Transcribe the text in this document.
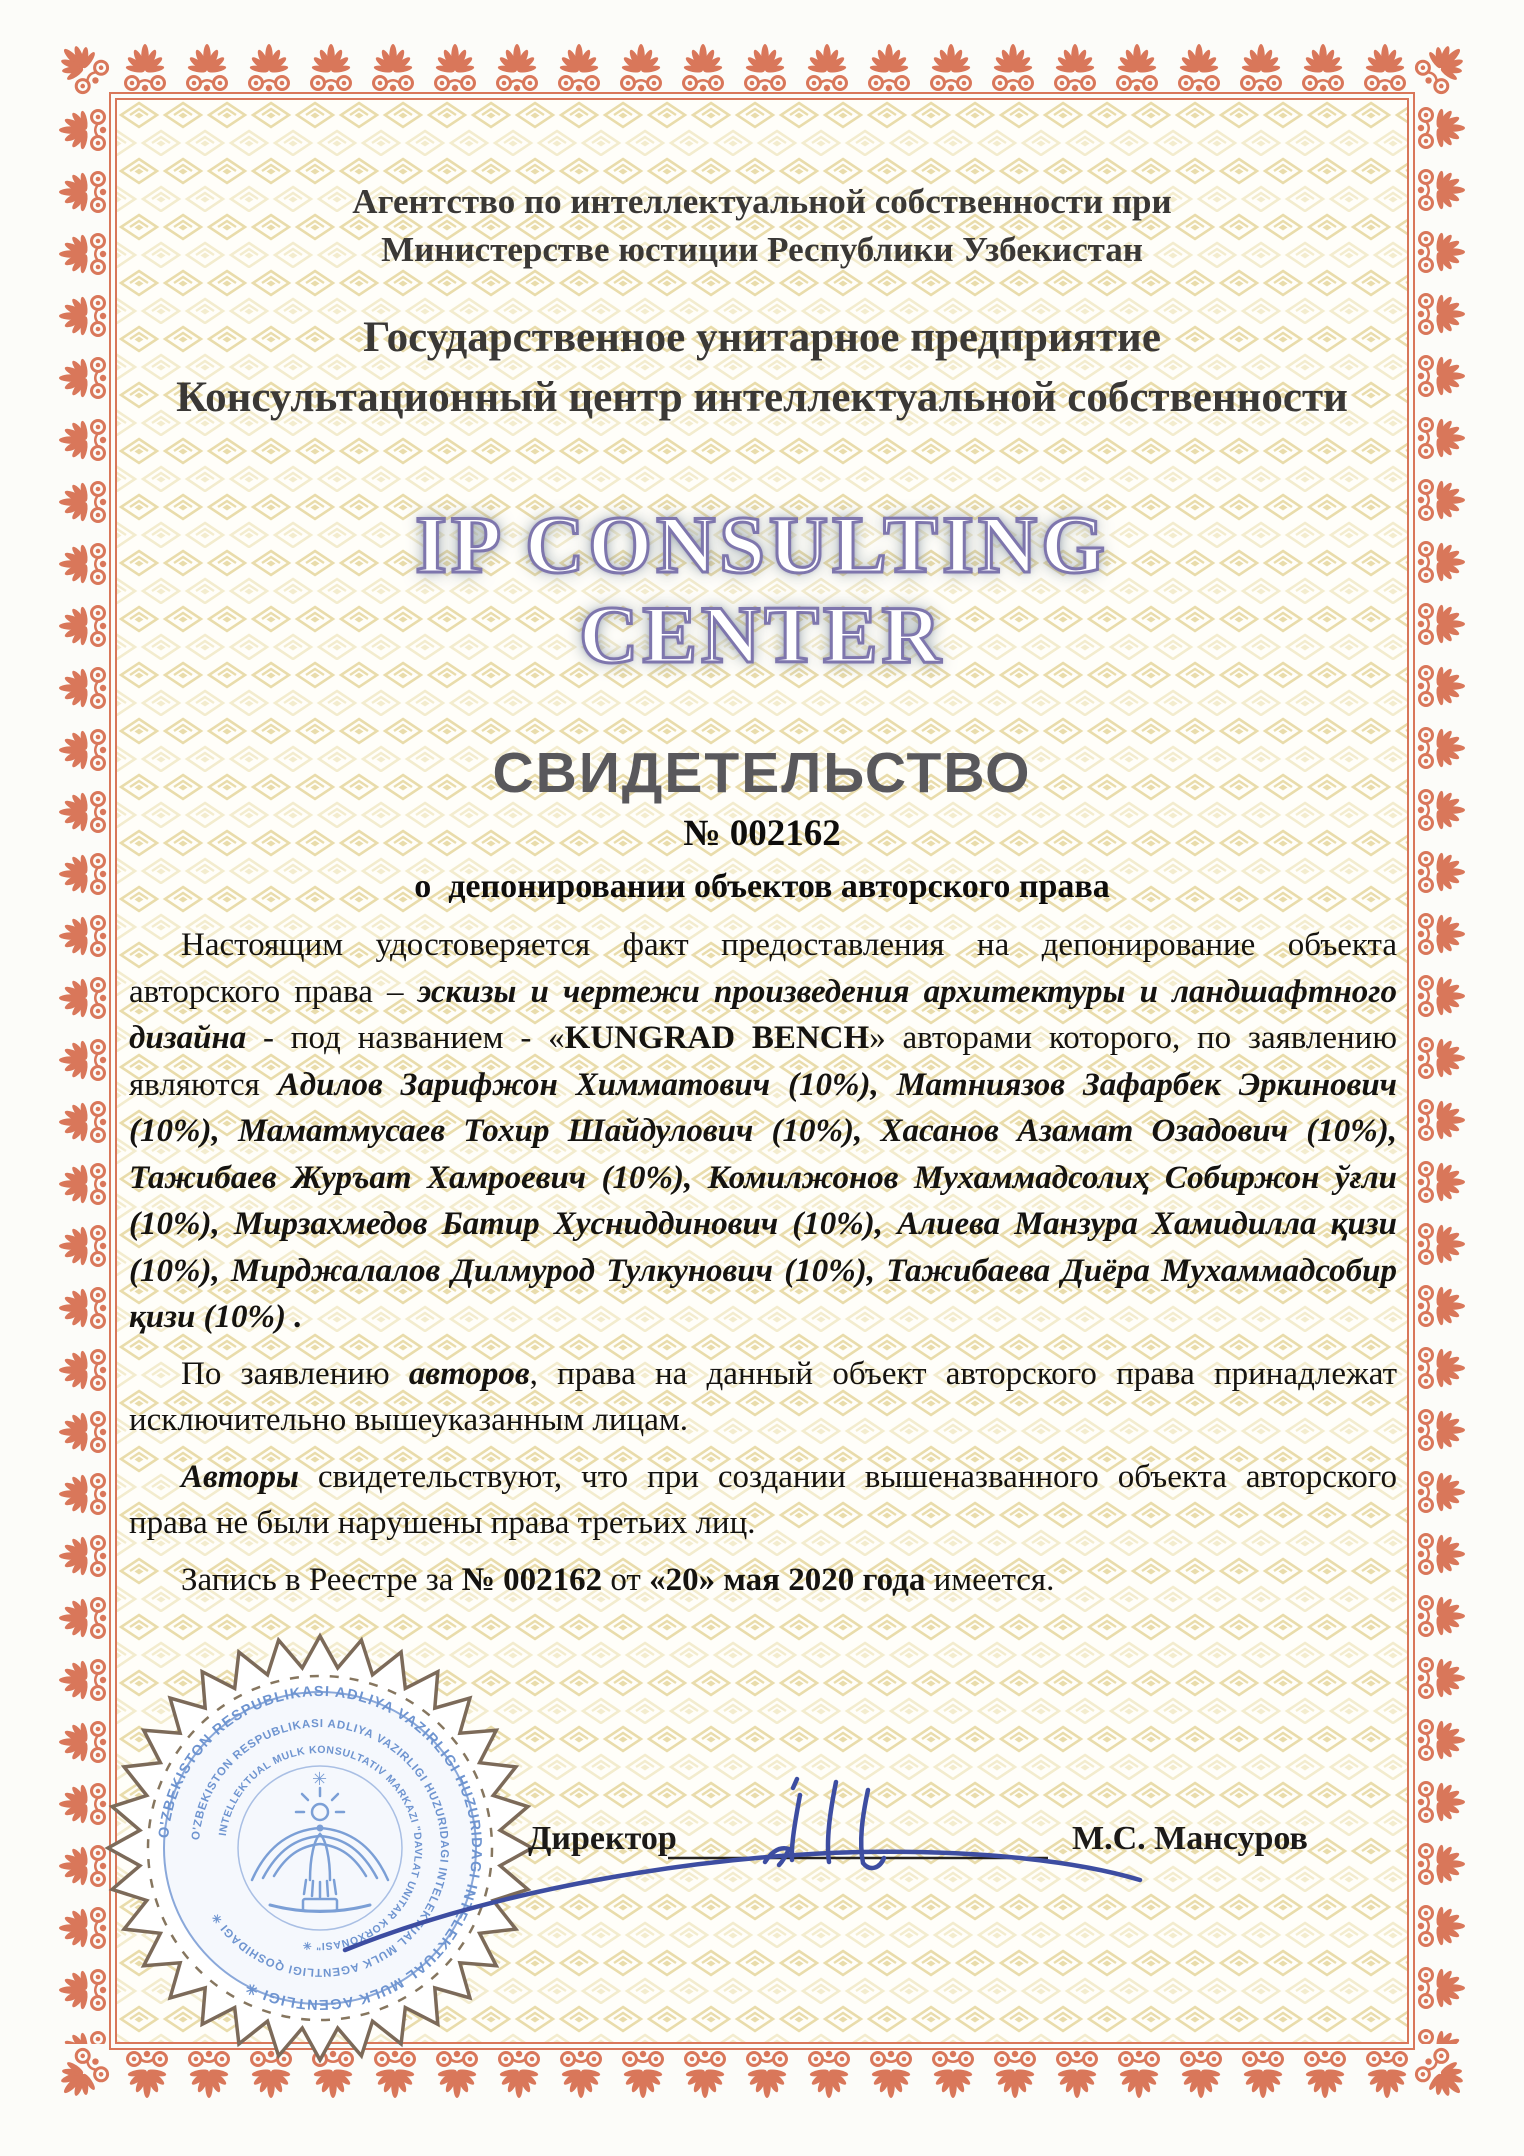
Агентство по интеллектуальной собственности при
Министерстве юстиции Республики Узбекистан
Государственное унитарное предприятие
Консультационный центр интеллектуальной собственности
IP CONSULTING
CENTER
СВИДЕТЕЛЬСТВО
№ 002162
о  депонировании объектов авторского права

Настоящим удостоверяется факт предоставления на депонирование объекта авторского права – эскизы и чертежи произведения архитектуры и ландшафтного дизайна - под названием - «KUNGRAD BENCH» авторами которого, по заявлению являются Адилов Зарифжон Химматович (10%), Матниязов Зафарбек Эркинович (10%), Маматмусаев Тохир Шайдулович (10%), Хасанов Азамат Озадович (10%), Тажибаев Журъат Хамроевич (10%), Комилжонов Мухаммадсолиҳ Собиржон ўғли (10%), Мирзахмедов Батир Хусниддинович (10%), Алиева Манзура Хамидилла қизи (10%), Мирджалалов Дилмурод Тулкунович (10%), Тажибаева Диёра Мухаммадсобир қизи (10%) .

По заявлению авторов, права на данный объект авторского права принадлежат исключительно вышеуказанным лицам.

Авторы свидетельствуют, что при создании вышеназванного объекта авторского права не были нарушены права третьих лиц.

Запись в Реестре за № 002162 от «20» мая 2020 года имеется.

O'ZBEKISTON RESPUBLIKASI ADLIYA VAZIRLIGI HUZURIDAGI INTELEKTUAL MULK AGENTLIGI ✳
O'ZBEKISTON RESPUBLIKASI ADLIYA VAZIRLIGI HUZURIDAGI INTELEKTUAL MULK AGENTLIGI QOSHIDAGI ✳
INTELLEKTUAL MULK KONSULTATIV MARKAZI "DAVLAT UNITAR KORXONASI" ✳
✳
Директор	М.С. Мансуров
